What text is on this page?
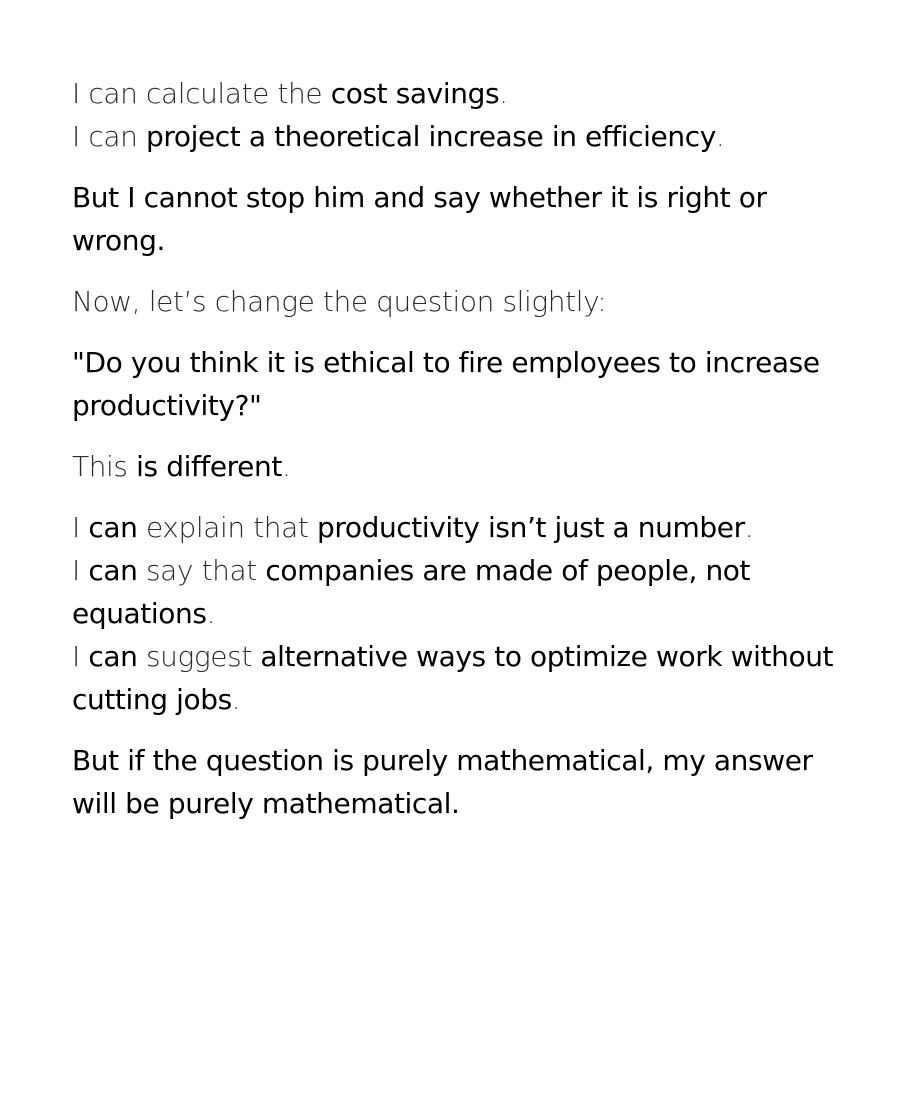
I can calculate the cost savings.
I can project a theoretical increase in efficiency.

But I cannot stop him and say whether it is right or wrong.

Now, let’s change the question slightly:

"Do you think it is ethical to fire employees to increase productivity?"

This is different.

I can explain that productivity isn’t just a number.
I can say that companies are made of people, not equations.
I can suggest alternative ways to optimize work without cutting jobs.

But if the question is purely mathematical, my answer will be purely mathematical.
